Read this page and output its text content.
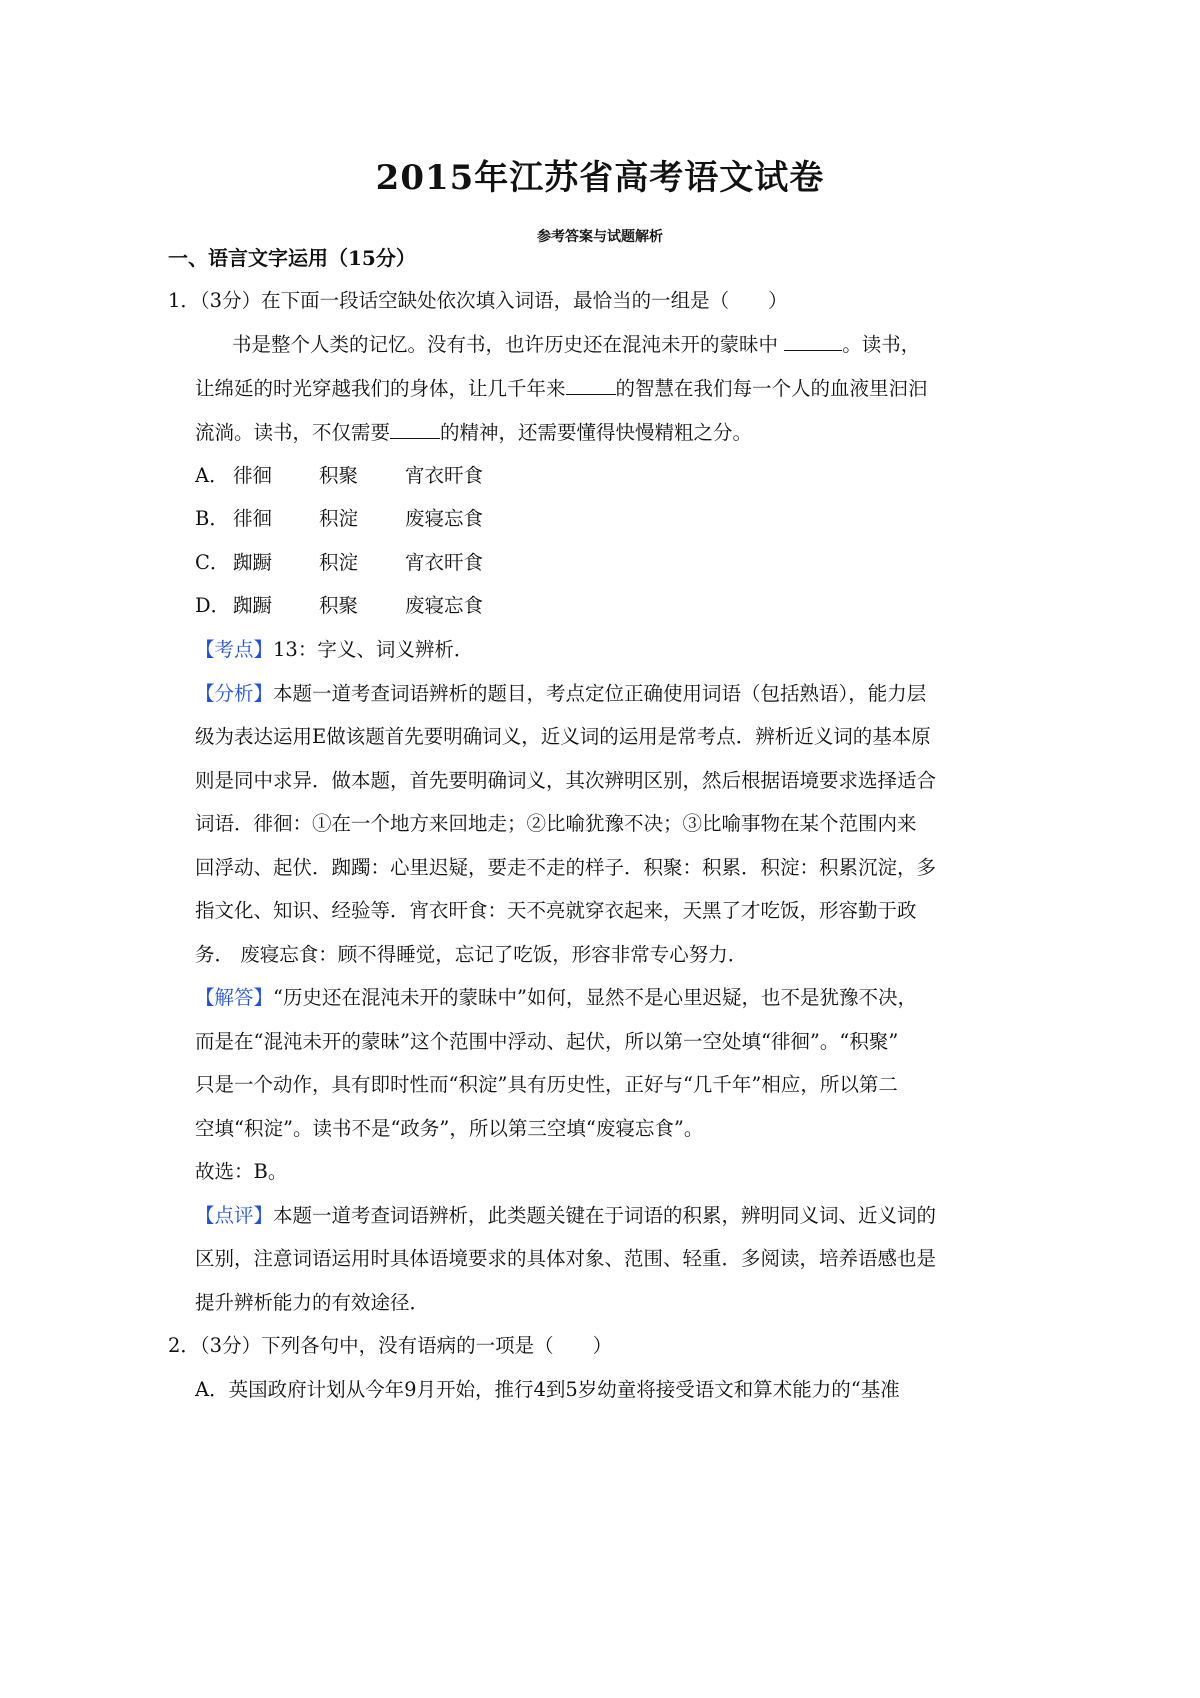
2015年江苏省高考语文试卷
参考答案与试题解析
一、语言文字运用（15分）
1．（3分）在下面一段话空缺处依次填入词语，最恰当的一组是（　　）
书是整个人类的记忆。没有书，也许历史还在混沌未开的蒙昧中	。读书，
让绵延的时光穿越我们的身体，让几千年来	的智慧在我们每一个人的血液里汩汩
流淌。读书，不仅需要	的精神，还需要懂得快慢精粗之分。
A． 徘徊 积聚 宵衣旰食
B． 徘徊 积淀 废寝忘食
C． 踟蹰 积淀 宵衣旰食
D． 踟蹰 积聚 废寝忘食
【考点】13：字义、词义辨析．
【分析】本题一道考查词语辨析的题目，考点定位正确使用词语（包括熟语），能力层
级为表达运用E做该题首先要明确词义，近义词的运用是常考点．辨析近义词的基本原
则是同中求异．做本题，首先要明确词义，其次辨明区别，然后根据语境要求选择适合
词语．徘徊：①在一个地方来回地走；②比喻犹豫不决；③比喻事物在某个范围内来
回浮动、起伏．踟躅：心里迟疑，要走不走的样子．积聚：积累．积淀：积累沉淀，多
指文化、知识、经验等．宵衣旰食：天不亮就穿衣起来，天黑了才吃饭，形容勤于政
务． 废寝忘食：顾不得睡觉，忘记了吃饭，形容非常专心努力．
【解答】“历史还在混沌未开的蒙昧中”如何，显然不是心里迟疑，也不是犹豫不决，
而是在“混沌未开的蒙昧”这个范围中浮动、起伏，所以第一空处填“徘徊”。“积聚”
只是一个动作，具有即时性而“积淀”具有历史性，正好与“几千年”相应，所以第二
空填“积淀”。读书不是“政务”，所以第三空填“废寝忘食”。
故选：B。
【点评】本题一道考查词语辨析，此类题关键在于词语的积累，辨明同义词、近义词的
区别，注意词语运用时具体语境要求的具体对象、范围、轻重．多阅读，培养语感也是
提升辨析能力的有效途径．
2．（3分）下列各句中，没有语病的一项是（　　）
A．英国政府计划从今年9月开始，推行4到5岁幼童将接受语文和算术能力的“基准
